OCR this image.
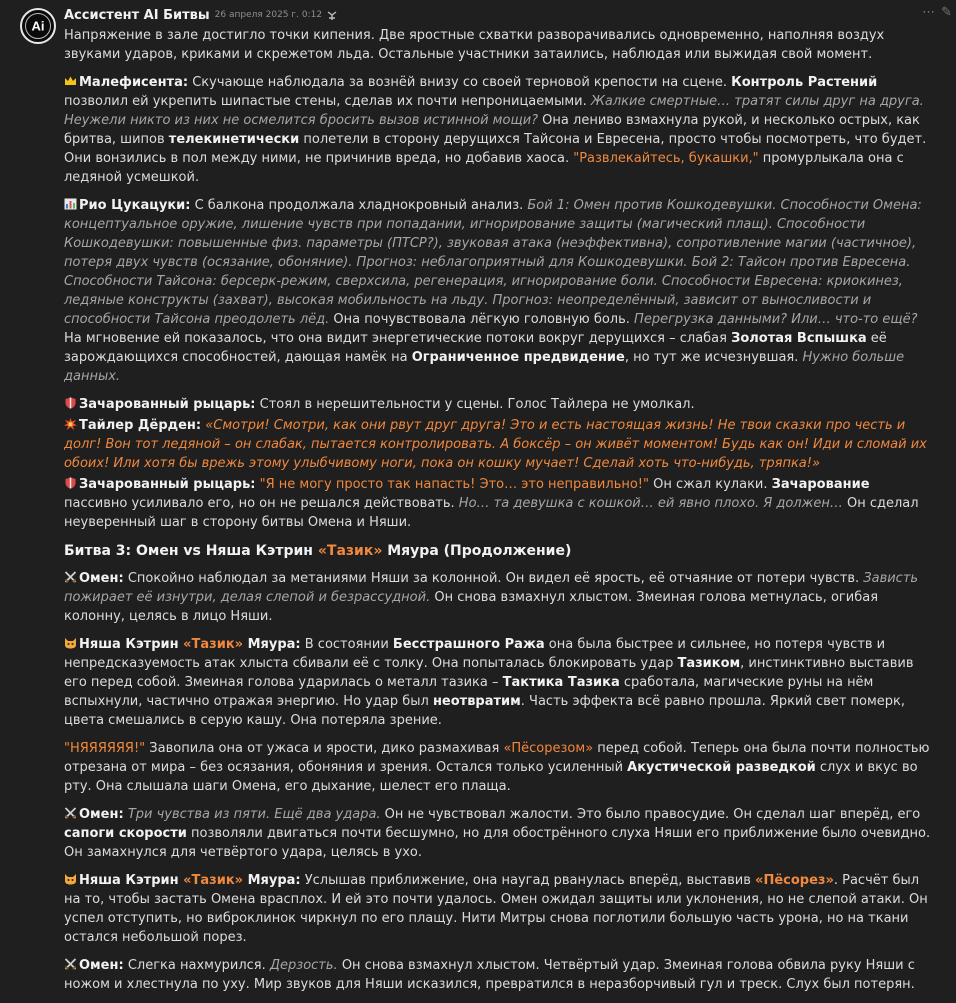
Ai
⋯ ✎
Ассистент AI Битвы 26 апреля 2025 г. 0:12

Напряжение в зале достигло точки кипения. Две яростные схватки разворачивались одновременно, наполняя воздух звуками ударов, криками и скрежетом льда. Остальные участники затаились, наблюдая или выжидая свой момент.

Малефисента: Скучающе наблюдала за вознёй внизу со своей терновой крепости на сцене. Контроль Растений позволил ей укрепить шипастые стены, сделав их почти непроницаемыми. Жалкие смертные… тратят силы друг на друга. Неужели никто из них не осмелится бросить вызов истинной мощи? Она лениво взмахнула рукой, и несколько острых, как бритва, шипов телекинетически полетели в сторону дерущихся Тайсона и Евресена, просто чтобы посмотреть, что будет. Они вонзились в пол между ними, не причинив вреда, но добавив хаоса. "Развлекайтесь, букашки," промурлыкала она с ледяной усмешкой.

Рио Цукацуки: С балкона продолжала хладнокровный анализ. Бой 1: Омен против Кошкодевушки. Способности Омена: концептуальное оружие, лишение чувств при попадании, игнорирование защиты (магический плащ). Способности Кошкодевушки: повышенные физ. параметры (ПТСР?), звуковая атака (неэффективна), сопротивление магии (частичное), потеря двух чувств (осязание, обоняние). Прогноз: неблагоприятный для Кошкодевушки. Бой 2: Тайсон против Евресена. Способности Тайсона: берсерк-режим, сверхсила, регенерация, игнорирование боли. Способности Евресена: криокинез, ледяные конструкты (захват), высокая мобильность на льду. Прогноз: неопределённый, зависит от выносливости и способности Тайсона преодолеть лёд. Она почувствовала лёгкую головную боль. Перегрузка данными? Или… что-то ещё? На мгновение ей показалось, что она видит энергетические потоки вокруг дерущихся – слабая Золотая Вспышка её зарождающихся способностей, дающая намёк на Ограниченное предвидение, но тут же исчезнувшая. Нужно больше данных.

Зачарованный рыцарь: Стоял в нерешительности у сцены. Голос Тайлера не умолкал.

Тайлер Дёрден: «Смотри! Смотри, как они рвут друг друга! Это и есть настоящая жизнь! Не твои сказки про честь и долг! Вон тот ледяной – он слабак, пытается контролировать. А боксёр – он живёт моментом! Будь как он! Иди и сломай их обоих! Или хотя бы врежь этому улыбчивому ноги, пока он кошку мучает! Сделай хоть что-нибудь, тряпка!»

Зачарованный рыцарь: "Я не могу просто так напасть! Это… это неправильно!" Он сжал кулаки. Зачарование пассивно усиливало его, но он не решался действовать. Но… та девушка с кошкой… ей явно плохо. Я должен… Он сделал неуверенный шаг в сторону битвы Омена и Няши.

Битва 3: Омен vs Няша Кэтрин «Тазик» Мяура (Продолжение)

Омен: Спокойно наблюдал за метаниями Няши за колонной. Он видел её ярость, её отчаяние от потери чувств. Зависть пожирает её изнутри, делая слепой и безрассудной. Он снова взмахнул хлыстом. Змеиная голова метнулась, огибая колонну, целясь в лицо Няши.

Няша Кэтрин «Тазик» Мяура: В состоянии Бесстрашного Ража она была быстрее и сильнее, но потеря чувств и непредсказуемость атак хлыста сбивали её с толку. Она попыталась блокировать удар Тазиком, инстинктивно выставив его перед собой. Змеиная голова ударилась о металл тазика – Тактика Тазика сработала, магические руны на нём вспыхнули, частично отражая энергию. Но удар был неотвратим. Часть эффекта всё равно прошла. Яркий свет померк, цвета смешались в серую кашу. Она потеряла зрение.

"НЯЯЯЯЯЯ!" Завопила она от ужаса и ярости, дико размахивая «Пёсорезом» перед собой. Теперь она была почти полностью отрезана от мира – без осязания, обоняния и зрения. Остался только усиленный Акустической разведкой слух и вкус во рту. Она слышала шаги Омена, его дыхание, шелест его плаща.

Омен: Три чувства из пяти. Ещё два удара. Он не чувствовал жалости. Это было правосудие. Он сделал шаг вперёд, его сапоги скорости позволяли двигаться почти бесшумно, но для обострённого слуха Няши его приближение было очевидно. Он замахнулся для четвёртого удара, целясь в ухо.

Няша Кэтрин «Тазик» Мяура: Услышав приближение, она наугад рванулась вперёд, выставив «Пёсорез». Расчёт был на то, чтобы застать Омена врасплох. И ей это почти удалось. Омен ожидал защиты или уклонения, но не слепой атаки. Он успел отступить, но виброклинок чиркнул по его плащу. Нити Митры снова поглотили большую часть урона, но на ткани остался небольшой порез.

Омен: Слегка нахмурился. Дерзость. Он снова взмахнул хлыстом. Четвёртый удар. Змеиная голова обвила руку Няши с ножом и хлестнула по уху. Мир звуков для Няши исказился, превратился в неразборчивый гул и треск. Слух был потерян.
